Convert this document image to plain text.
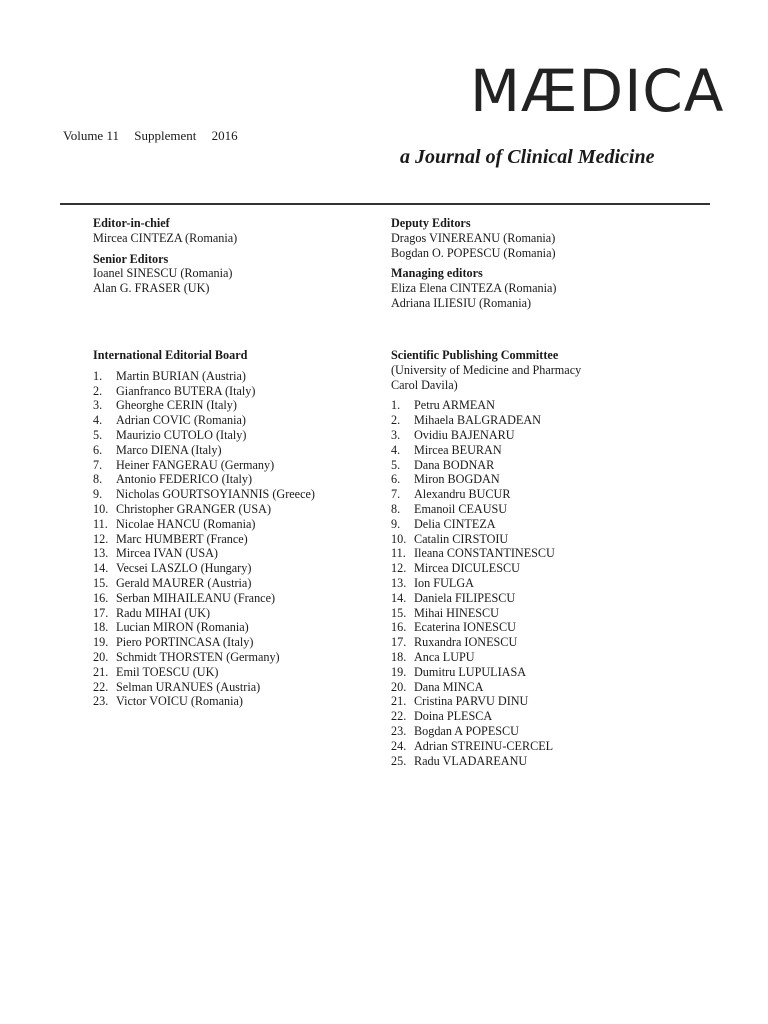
MÆDICA
a Journal of Clinical Medicine
Volume 11 Supplement 2016
Editor-in-chief
Mircea CINTEZA (Romania)
Senior Editors
Ioanel SINESCU (Romania)
Alan G. FRASER (UK)
Deputy Editors
Dragos VINEREANU (Romania)
Bogdan O. POPESCU (Romania)
Managing editors
Eliza Elena CINTEZA (Romania)
Adriana ILIESIU (Romania)
International Editorial Board
1.	Martin BURIAN (Austria)
2.	Gianfranco BUTERA (Italy)
3.	Gheorghe CERIN (Italy)
4.	Adrian COVIC (Romania)
5.	Maurizio CUTOLO (Italy)
6.	Marco DIENA (Italy)
7.	Heiner FANGERAU (Germany)
8.	Antonio FEDERICO (Italy)
9.	Nicholas GOURTSOYIANNIS (Greece)
10. Christopher GRANGER (USA)
11. Nicolae HANCU (Romania)
12. Marc HUMBERT (France)
13. Mircea IVAN (USA)
14. Vecsei LASZLO (Hungary)
15. Gerald MAURER (Austria)
16. Serban MIHAILEANU (France)
17. Radu MIHAI (UK)
18. Lucian MIRON (Romania)
19. Piero PORTINCASA (Italy)
20. Schmidt THORSTEN (Germany)
21. Emil TOESCU (UK)
22. Selman URANUES (Austria)
23. Victor VOICU (Romania)
Scientific Publishing Committee
(University of Medicine and Pharmacy
Carol Davila)
1.	Petru ARMEAN
2.	Mihaela BALGRADEAN
3.	Ovidiu BAJENARU
4.	Mircea BEURAN
5.	Dana BODNAR
6.	Miron BOGDAN
7.	Alexandru BUCUR
8.	Emanoil CEAUSU
9.	Delia CINTEZA
10. Catalin CIRSTOIU
11. Ileana CONSTANTINESCU
12. Mircea DICULESCU
13. Ion FULGA
14. Daniela FILIPESCU
15. Mihai HINESCU
16. Ecaterina IONESCU
17. Ruxandra IONESCU
18. Anca LUPU
19. Dumitru LUPULIASA
20. Dana MINCA
21. Cristina PARVU DINU
22. Doina PLESCA
23. Bogdan A POPESCU
24. Adrian STREINU-CERCEL
25. Radu VLADAREANU
